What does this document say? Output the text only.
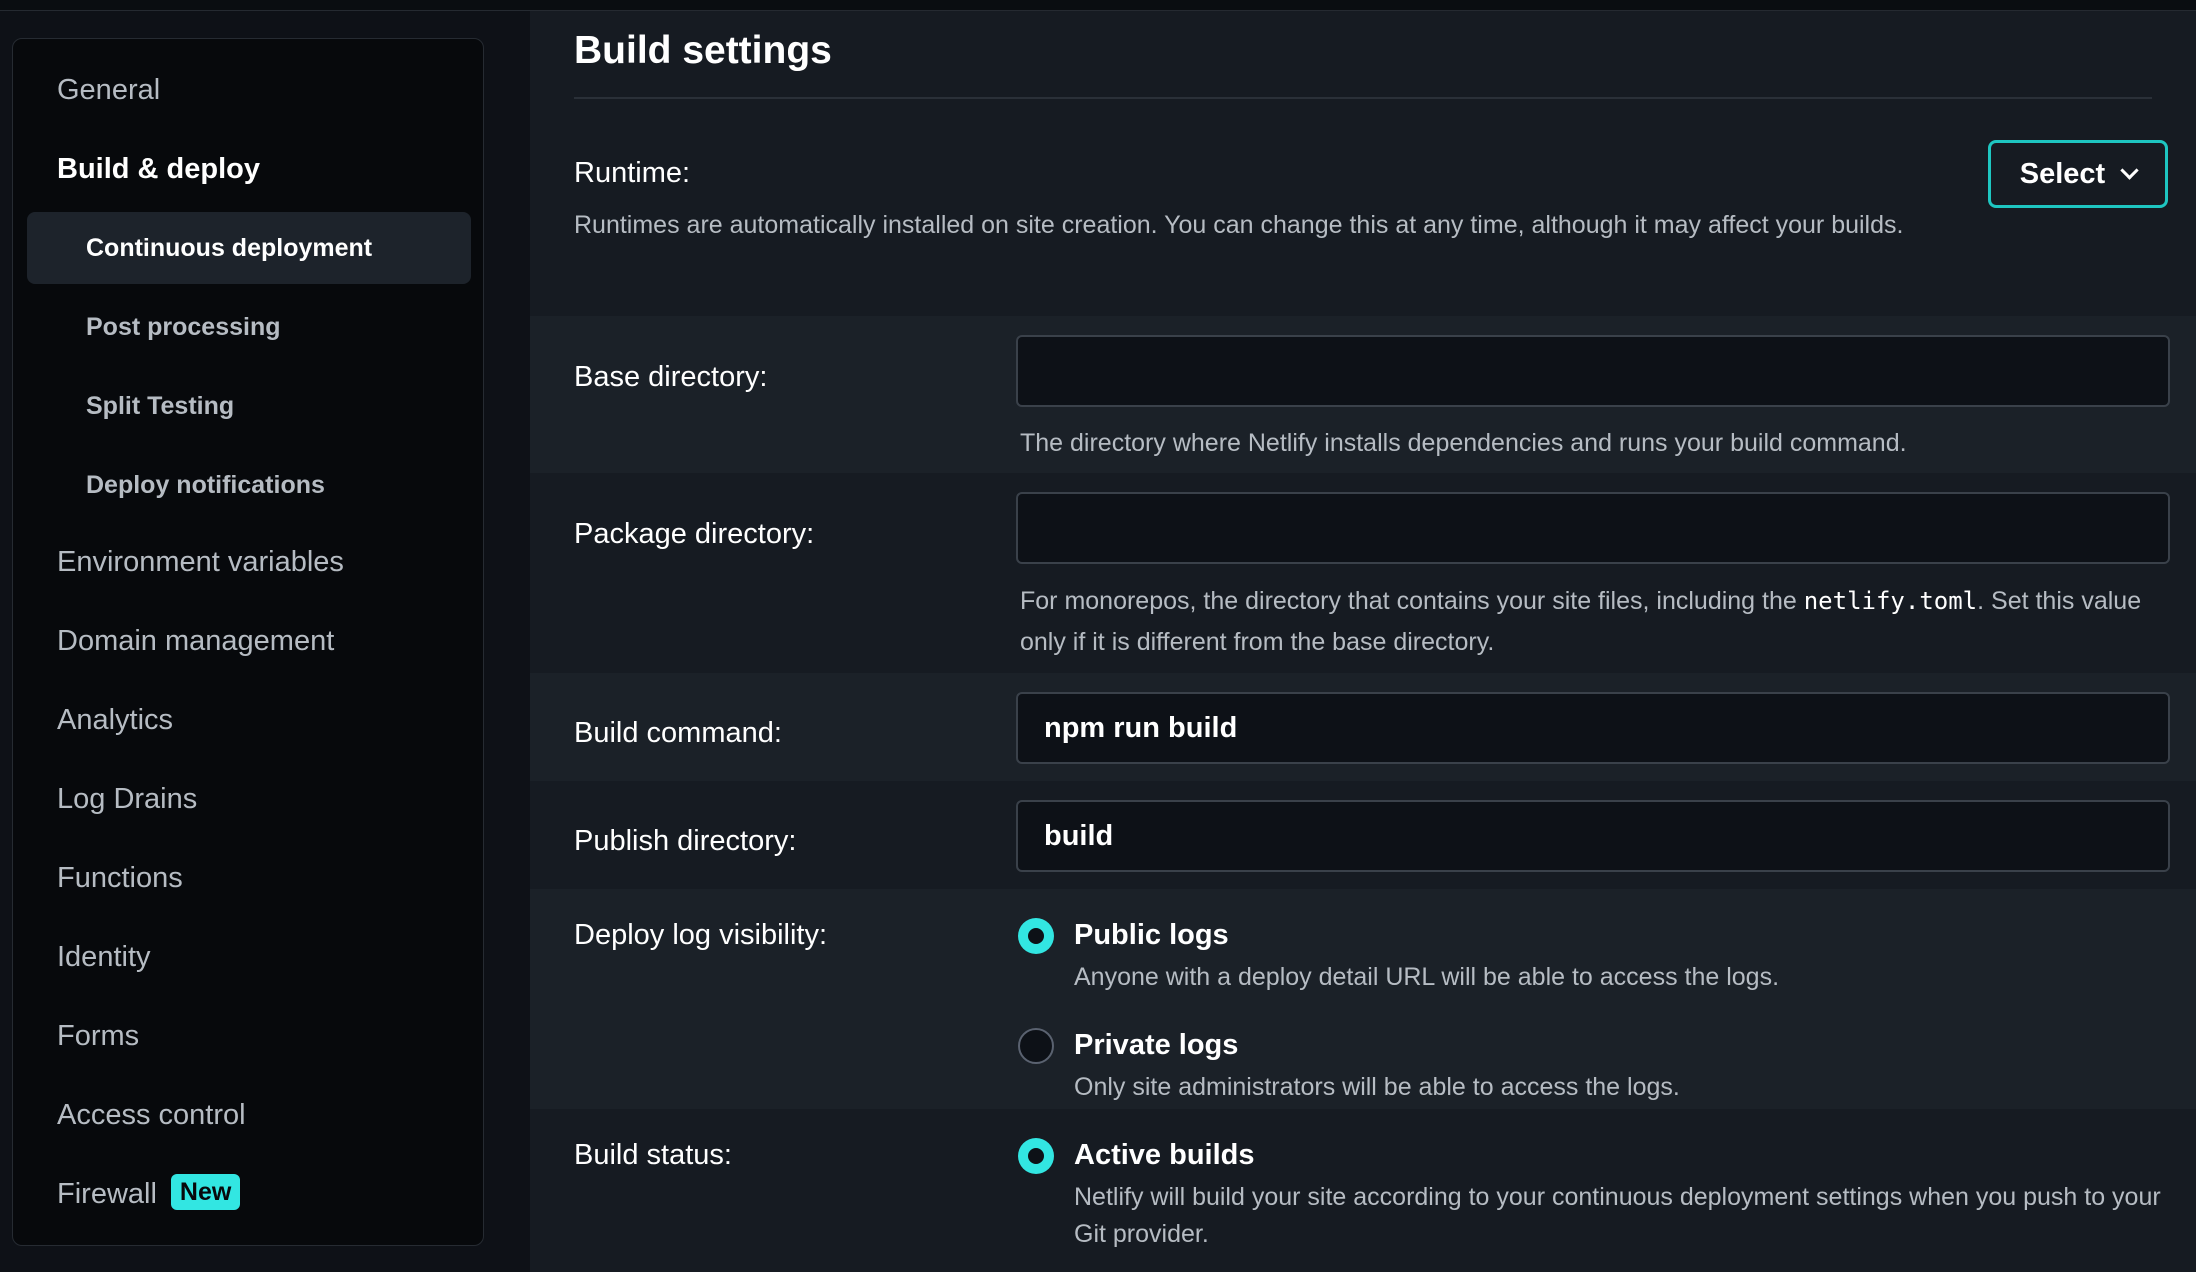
General
Build & deploy
Continuous deployment
Post processing
Split Testing
Deploy notifications
Environment variables
Domain management
Analytics
Log Drains
Functions
Identity
Forms
Access control
Firewall New
Build settings
Runtime:
Runtimes are automatically installed on site creation. You can change this at any time, although it may affect your builds.
Select
Base directory:
The directory where Netlify installs dependencies and runs your build command.
Package directory:
For monorepos, the directory that contains your site files, including the netlify.toml. Set this value only if it is different from the base directory.
Build command:	npm run build
Publish directory:	build
Deploy log visibility:	Public logs
Anyone with a deploy detail URL will be able to access the logs.
Private logs
Only site administrators will be able to access the logs.
Build status:	Active builds
Netlify will build your site according to your continuous deployment settings when you push to your Git provider.
